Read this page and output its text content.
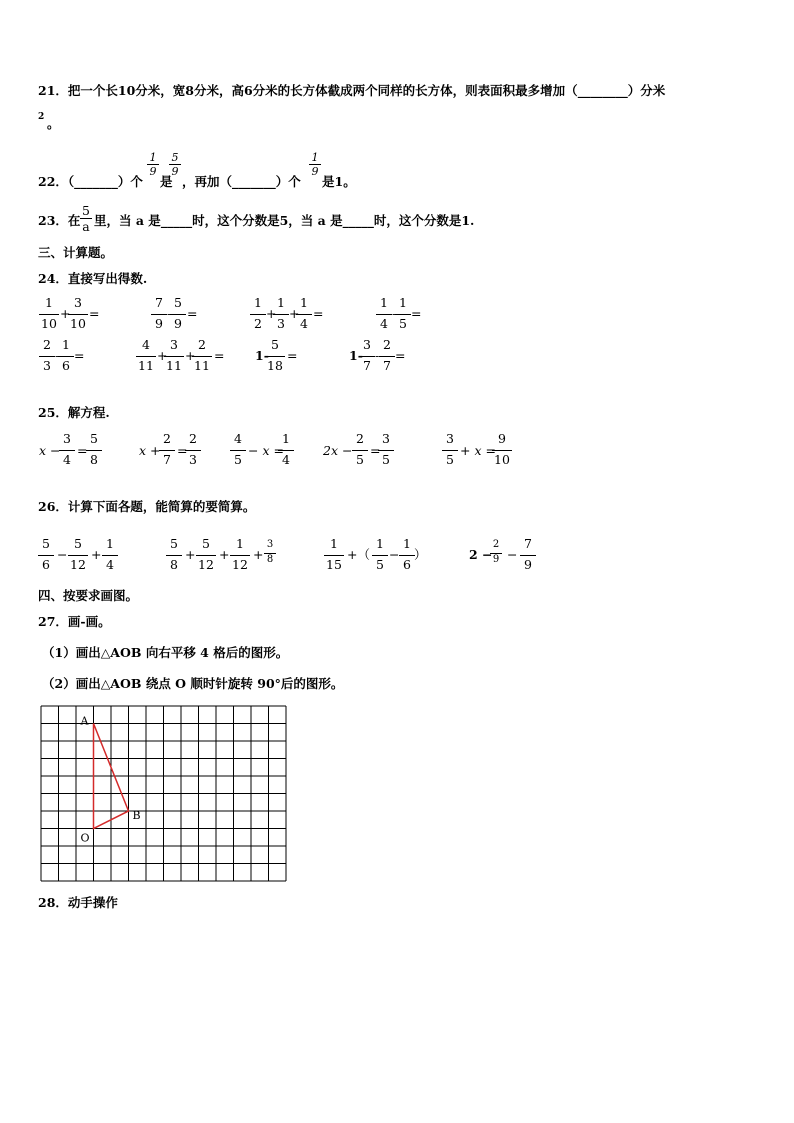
21．把一个长10分米，宽8分米，高6分米的长方体截成两个同样的长方体，则表面积最多增加（________）分米
2 。
22．（_______）个
1
9
是
5
9
，再加（_______）个
1
9
是1。
23．在
5
a 里，当 a 是_____时，这个分数是5，当 a 是_____时，这个分数是1.
三、计算题。
24．直接写出得数.
1
10
+
3
10
=
7
9
-
5
9
=
1
2
+
1
3
+
1
4
=
1
4
-
1
5
=
2
3
-
1
6
=
4
11
+
3
11
+
2
11
= 1-
5
18
=	1-
3
7
-
2
7
=
25．解方程.
x −
3
4
=
5
8
x +
2
7
=
2
3
4
5
− x =
1
4
2x −
2
5
=
3
5
3
5
+ x =
9
10
26．计算下面各题，能简算的要简算。
5
6
−
5
12
+
1
4
5
8
+
5
12
+
1
12
+
3
8
1
15
+（
1
5
−
1
6
）	2 −
2
9 −
7
9
四、按要求画图。
27．画-画。
（1）画出△AOB 向右平移 4 格后的图形。
（2）画出△AOB 绕点 O 顺时针旋转 90°后的图形。
A
B
O
28．动手操作
